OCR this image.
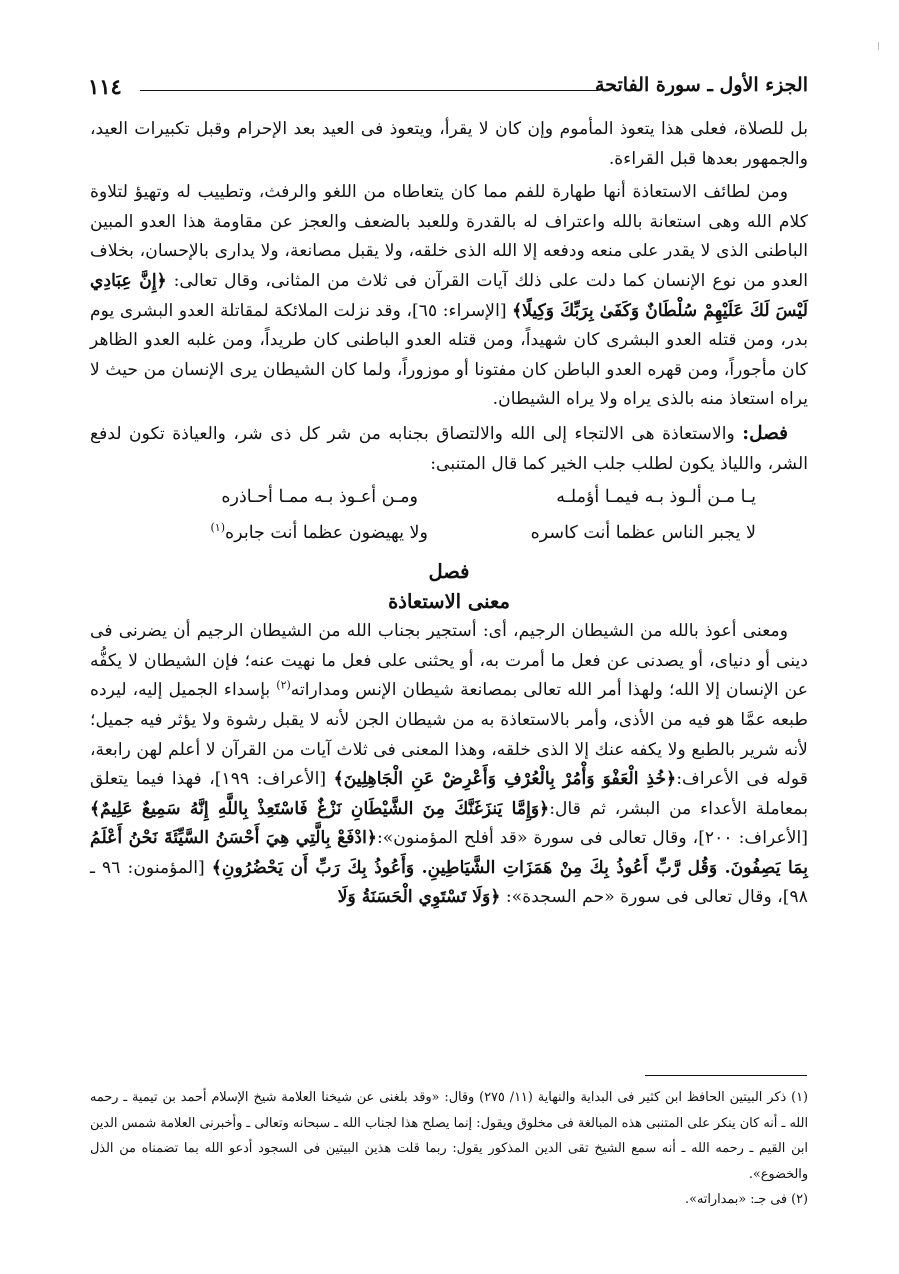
١١٤	الجزء الأول ـ سورة الفاتحة

بل للصلاة، فعلى هذا يتعوذ المأموم وإن كان لا يقرأ، ويتعوذ فى العيد بعد الإحرام وقبل تكبيرات العيد، والجمهور بعدها قبل القراءة.

ومن لطائف الاستعاذة أنها طهارة للفم مما كان يتعاطاه من اللغو والرفث، وتطييب له وتهيؤ لتلاوة كلام الله وهى استعانة بالله واعتراف له بالقدرة وللعبد بالضعف والعجز عن مقاومة هذا العدو المبين الباطنى الذى لا يقدر على منعه ودفعه إلا الله الذى خلقه، ولا يقبل مصانعة، ولا يدارى بالإحسان، بخلاف العدو من نوع الإنسان كما دلت على ذلك آيات القرآن فى ثلاث من المثانى، وقال تعالى: ﴿إِنَّ عِبَادِي لَيْسَ لَكَ عَلَيْهِمْ سُلْطَانٌ وَكَفَىٰ بِرَبِّكَ وَكِيلًا﴾ [الإسراء: ٦٥]، وقد نزلت الملائكة لمقاتلة العدو البشرى يوم بدر، ومن قتله العدو البشرى كان شهيداً، ومن قتله العدو الباطنى كان طريداً، ومن غلبه العدو الظاهر كان مأجوراً، ومن قهره العدو الباطن كان مفتونا أو موزوراً، ولما كان الشيطان يرى الإنسان من حيث لا يراه استعاذ منه بالذى يراه ولا يراه الشيطان.

فصل: والاستعاذة هى الالتجاء إلى الله والالتصاق بجنابه من شر كل ذى شر، والعياذة تكون لدفع الشر، واللياذ يكون لطلب جلب الخير كما قال المتنبى:

يـا مـن ألـوذ بـه فيمـا أؤملـه
ومـن أعـوذ بـه ممـا أحـاذره
لا يجبر الناس عظما أنت كاسره
ولا يهيضون عظما أنت جابره$^{(١)}$
فصل
معنى الاستعاذة

ومعنى أعوذ بالله من الشيطان الرجيم، أى: أستجير بجناب الله من الشيطان الرجيم أن يضرنى فى دينى أو دنياى، أو يصدنى عن فعل ما أمرت به، أو يحثنى على فعل ما نهيت عنه؛ فإن الشيطان لا يكفُّه عن الإنسان إلا الله؛ ولهذا أمر الله تعالى بمصانعة شيطان الإنس ومداراته$^{(٢)}$ بإسداء الجميل إليه، ليرده طبعه عمَّا هو فيه من الأذى، وأمر بالاستعاذة به من شيطان الجن لأنه لا يقبل رشوة ولا يؤثر فيه جميل؛ لأنه شرير بالطبع ولا يكفه عنك إلا الذى خلقه، وهذا المعنى فى ثلاث آيات من القرآن لا أعلم لهن رابعة، قوله فى الأعراف:﴿خُذِ الْعَفْوَ وَأْمُرْ بِالْعُرْفِ وَأَعْرِضْ عَنِ الْجَاهِلِينَ﴾ [الأعراف: ١٩٩]، فهذا فيما يتعلق بمعاملة الأعداء من البشر، ثم قال:﴿وَإِمَّا يَنزَغَنَّكَ مِنَ الشَّيْطَانِ نَزْغٌ فَاسْتَعِذْ بِاللَّهِ إِنَّهُ سَمِيعٌ عَلِيمٌ﴾ [الأعراف: ٢٠٠]، وقال تعالى فى سورة «قد أفلح المؤمنون»:﴿ادْفَعْ بِالَّتِي هِيَ أَحْسَنُ السَّيِّئَةَ نَحْنُ أَعْلَمُ بِمَا يَصِفُونَ. وَقُل رَّبِّ أَعُوذُ بِكَ مِنْ هَمَزَاتِ الشَّيَاطِينِ. وَأَعُوذُ بِكَ رَبِّ أَن يَحْضُرُونِ﴾ [المؤمنون: ٩٦ ـ ٩٨]، وقال تعالى فى سورة «حم السجدة»: ﴿وَلَا تَسْتَوِي الْحَسَنَةُ وَلَا

(١) ذكر البيتين الحافظ ابن كثير فى البداية والنهاية (١١/ ٢٧٥) وقال: «وقد بلغنى عن شيخنا العلامة شيخ الإسلام أحمد بن تيمية ـ رحمه الله ـ أنه كان ينكر على المتنبى هذه المبالغة فى مخلوق ويقول: إنما يصلح هذا لجناب الله ـ سبحانه وتعالى ـ وأخبرنى العلامة شمس الدين ابن القيم ـ رحمه الله ـ أنه سمع الشيخ تقى الدين المذكور يقول: ربما قلت هذين البيتين فى السجود أدعو الله بما تضمناه من الذل والخضوع».

(٢) فى جـ: «بمداراته».
